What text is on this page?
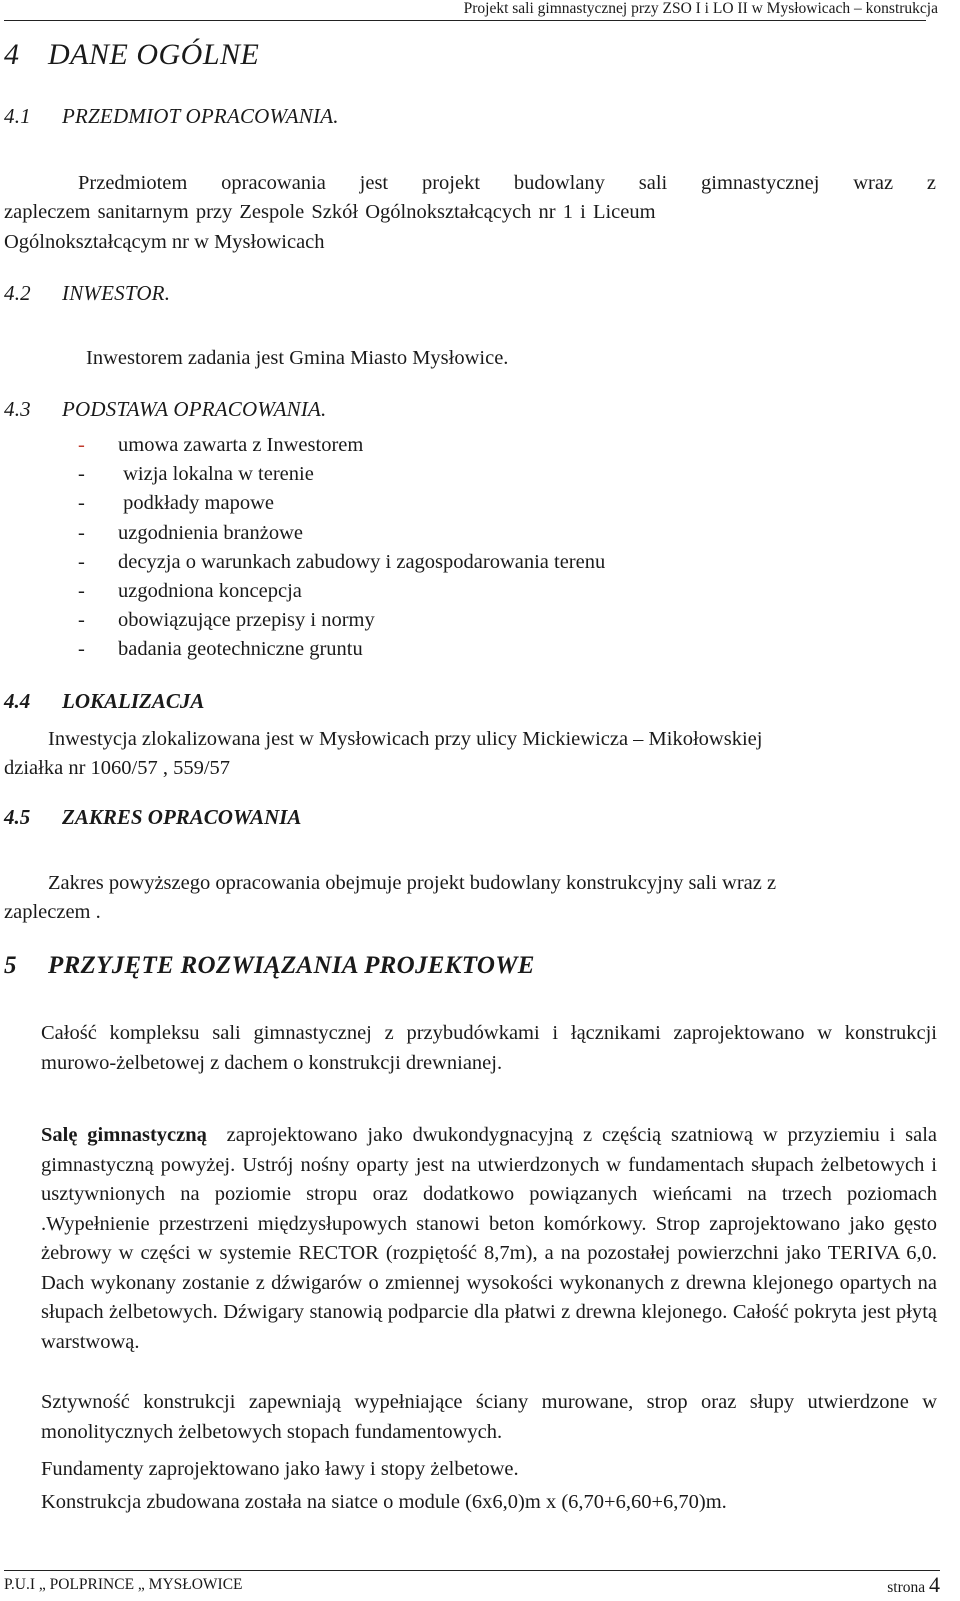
Projekt sali gimnastycznej przy ZSO I i LO II w Mysłowicach – konstrukcja
4 DANE OGÓLNE
4.1 PRZEDMIOT OPRACOWANIA.
Przedmiotem opracowania jest projekt budowlany sali gimnastycznej wraz z
zapleczem sanitarnym przy Zespole Szkół Ogólnokształcących nr 1 i Liceum
Ogólnokształcącym nr w Mysłowicach
4.2 INWESTOR.
Inwestorem zadania jest Gmina Miasto Mysłowice.
4.3 PODSTAWA OPRACOWANIA.
- umowa zawarta z Inwestorem
- wizja lokalna w terenie
- podkłady mapowe
- uzgodnienia branżowe
- decyzja o warunkach zabudowy i zagospodarowania terenu
- uzgodniona koncepcja
- obowiązujące przepisy i normy
- badania geotechniczne gruntu
4.4 LOKALIZACJA
Inwestycja zlokalizowana jest w Mysłowicach przy ulicy Mickiewicza – Mikołowskiej
działka nr 1060/57 , 559/57
4.5 ZAKRES OPRACOWANIA
Zakres powyższego opracowania obejmuje projekt budowlany konstrukcyjny sali wraz z
zapleczem .
5 PRZYJĘTE ROZWIĄZANIA PROJEKTOWE
Całość kompleksu sali gimnastycznej z przybudówkami i łącznikami zaprojektowano w konstrukcji murowo-żelbetowej z dachem o konstrukcji drewnianej.
Salę gimnastyczną  zaprojektowano jako dwukondygnacyjną z częścią szatniową w przyziemiu i sala gimnastyczną powyżej. Ustrój nośny oparty jest na utwierdzonych w fundamentach słupach żelbetowych i usztywnionych na poziomie stropu oraz dodatkowo powiązanych wieńcami na trzech poziomach .Wypełnienie przestrzeni międzysłupowych stanowi beton komórkowy. Strop zaprojektowano jako gęsto żebrowy w części w systemie RECTOR (rozpiętość 8,7m), a na pozostałej powierzchni jako TERIVA 6,0. Dach wykonany zostanie z dźwigarów o zmiennej wysokości wykonanych z drewna klejonego opartych na słupach żelbetowych. Dźwigary stanowią podparcie dla płatwi z drewna klejonego. Całość pokryta jest płytą warstwową.
Sztywność konstrukcji zapewniają wypełniające ściany murowane, strop oraz słupy utwierdzone w monolitycznych żelbetowych stopach fundamentowych.
Fundamenty zaprojektowano jako ławy i stopy żelbetowe.
Konstrukcja zbudowana została na siatce o module (6x6,0)m x (6,70+6,60+6,70)m.
P.U.I „ POLPRINCE „ MYSŁOWICE	strona 4
